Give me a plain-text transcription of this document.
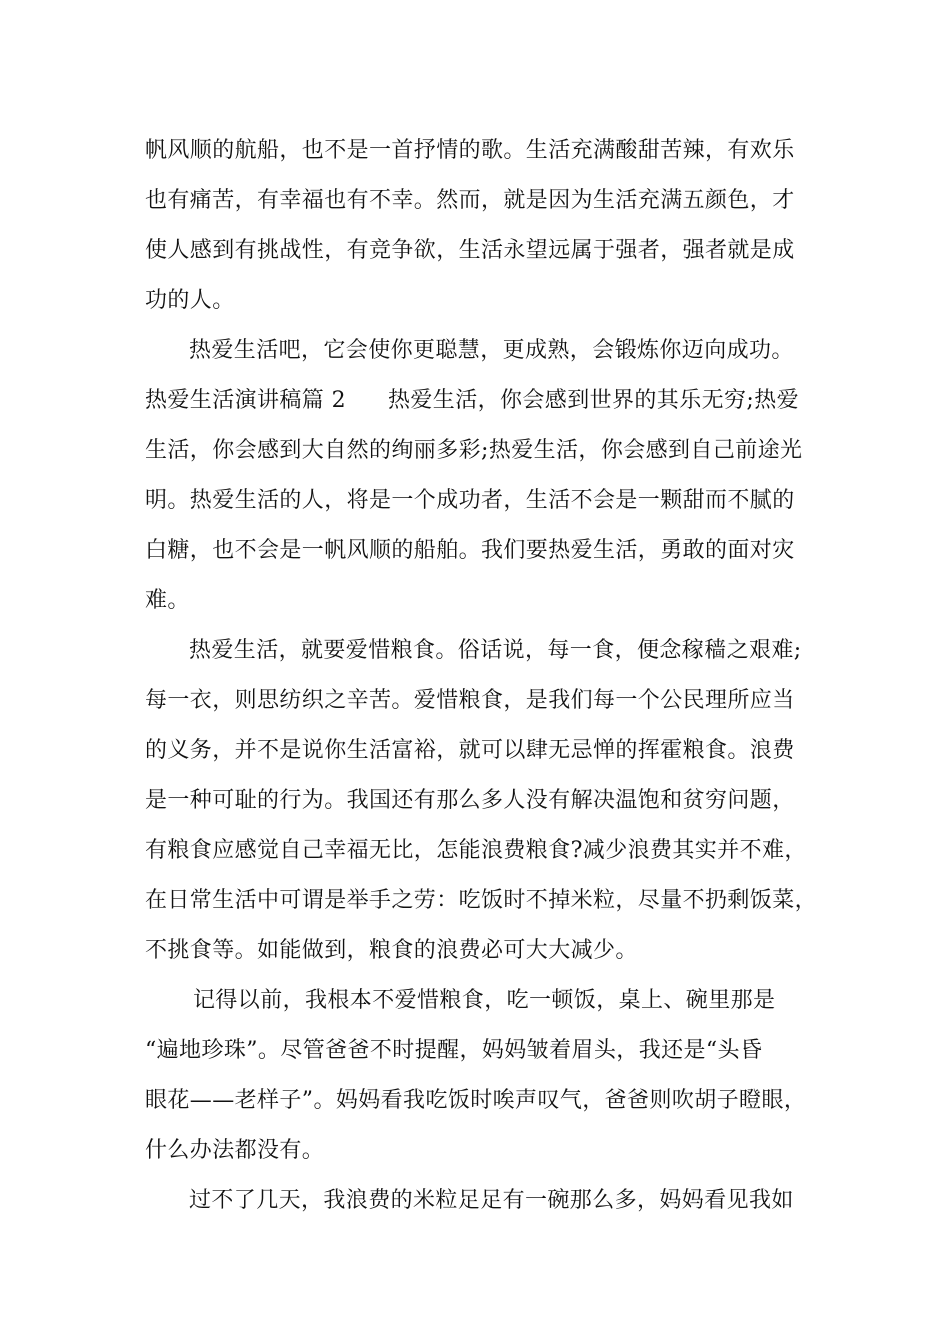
帆风顺的航船，也不是一首抒情的歌。生活充满酸甜苦辣，有欢乐
也有痛苦，有幸福也有不幸。然而，就是因为生活充满五颜色，才
使人感到有挑战性，有竞争欲，生活永望远属于强者，强者就是成
功的人。
热爱生活吧，它会使你更聪慧，更成熟，会锻炼你迈向成功。
热爱生活演讲稿篇 2 热爱生活，你会感到世界的其乐无穷;热爱
生活，你会感到大自然的绚丽多彩;热爱生活，你会感到自己前途光
明。热爱生活的人，将是一个成功者，生活不会是一颗甜而不腻的
白糖，也不会是一帆风顺的船舶。我们要热爱生活，勇敢的面对灾
难。
热爱生活，就要爱惜粮食。俗话说，每一食，便念稼穑之艰难;
每一衣，则思纺织之辛苦。爱惜粮食，是我们每一个公民理所应当
的义务，并不是说你生活富裕，就可以肆无忌惮的挥霍粮食。浪费
是一种可耻的行为。我国还有那么多人没有解决温饱和贫穷问题，
有粮食应感觉自己幸福无比，怎能浪费粮食?减少浪费其实并不难，
在日常生活中可谓是举手之劳：吃饭时不掉米粒，尽量不扔剩饭菜，
不挑食等。如能做到，粮食的浪费必可大大减少。
记得以前，我根本不爱惜粮食，吃一顿饭，桌上、碗里那是
“遍地珍珠”。尽管爸爸不时提醒，妈妈皱着眉头，我还是“头昏
眼花——老样子”。妈妈看我吃饭时唉声叹气，爸爸则吹胡子瞪眼，
什么办法都没有。
过不了几天，我浪费的米粒足足有一碗那么多，妈妈看见我如
